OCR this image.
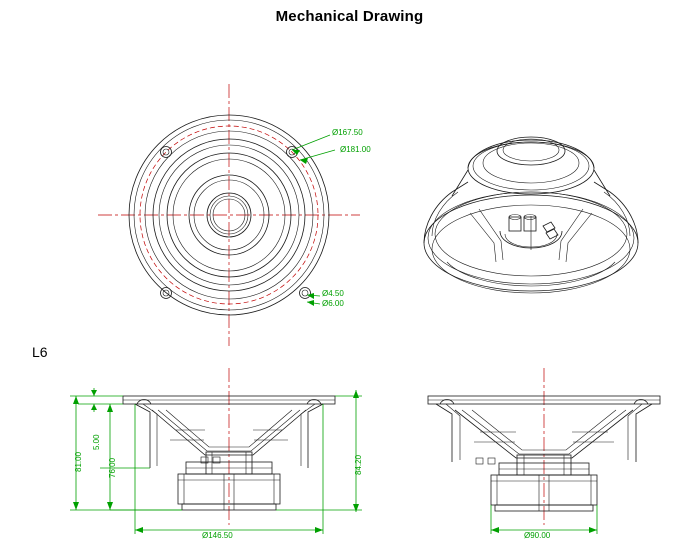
Mechanical Drawing
L6
Ø167.50
Ø181.00
Ø4.50
Ø6.00
81.00
5.00
76.00	84.20
Ø146.50	Ø90.00
